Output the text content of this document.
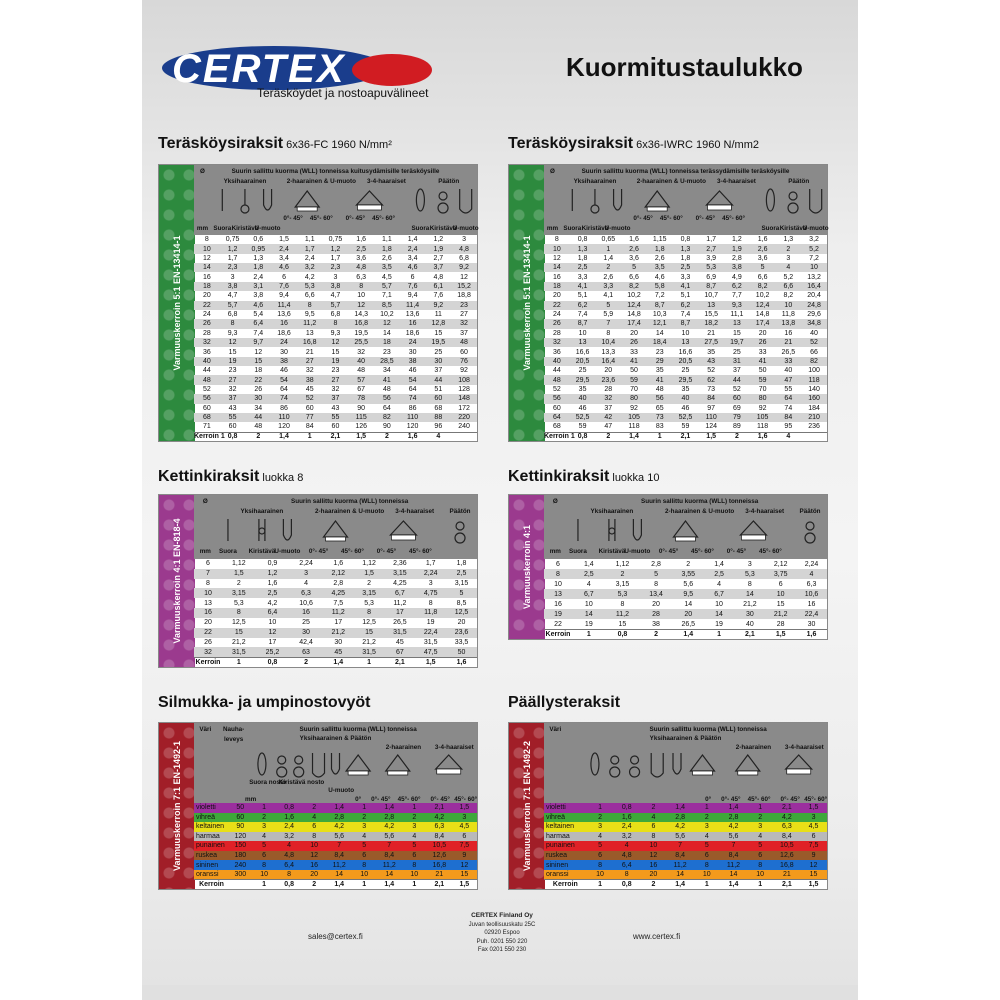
CERTEX
Teräsköydet ja nostoapuvälineet
Kuormitustaulukko
Teräsköysiraksit 6x36-FC 1960 N/mm²
Varmuuskerroin 5:1 EN-13414-1
Ø	Suurin sallittu kuorma (WLL) tonneissa kuitusydämisille teräsköysille
Yksihaarainen	2-haarainen & U-muoto 3-4-haaraiset	Päätön
0°- 45° 45°- 60° 0°- 45° 45°- 60°
mm Suora Kiristävä
U-muoto	Suora Kiristävä
U-muoto
8	0,75	0,6	1,5	1,1	0,75	1,6	1,1	1,4	1,2	3
10	1,2	0,95	2,4	1,7	1,2	2,5	1,8	2,4	1,9	4,8
12	1,7	1,3	3,4	2,4	1,7	3,6	2,6	3,4	2,7	6,8
14	2,3	1,8	4,6	3,2	2,3	4,8	3,5	4,6	3,7	9,2
16	3	2,4	6	4,2	3	6,3	4,5	6	4,8	12
18	3,8	3,1	7,6	5,3	3,8	8	5,7	7,6	6,1	15,2
20	4,7	3,8	9,4	6,6	4,7	10	7,1	9,4	7,6	18,8
22	5,7	4,6	11,4	8	5,7	12	8,5	11,4	9,2	23
24	6,8	5,4	13,6	9,5	6,8	14,3	10,2	13,6	11	27
26	8	6,4	16	11,2	8	16,8	12	16	12,8	32
28	9,3	7,4	18,6	13	9,3	19,5	14	18,6	15	37
32	12	9,7	24	16,8	12	25,5	18	24	19,5	48
36	15	12	30	21	15	32	23	30	25	60
40	19	15	38	27	19	40	28,5	38	30	76
44	23	18	46	32	23	48	34	46	37	92
48	27	22	54	38	27	57	41	54	44	108
52	32	26	64	45	32	67	48	64	51	128
56	37	30	74	52	37	78	56	74	60	148
60	43	34	86	60	43	90	64	86	68	172
68	55	44	110	77	55	115	82	110	88	220
71	60	48	120	84	60	126	90	120	96	240
Kerroin 1 0,8	2	1,4	1	2,1	1,5	2	1,6	4
Teräsköysiraksit 6x36-IWRC 1960 N/mm2
Varmuuskerroin 5:1 EN-13414-1
Ø	Suurin sallittu kuorma (WLL) tonneissa terässydämisille teräsköysille
Yksihaarainen	2-haarainen & U-muoto 3-4-haaraiset	Päätön
0°- 45° 45°- 60° 0°- 45° 45°- 60°
mm Suora Kiristävä
U-muoto	Suora Kiristävä
U-muoto
8	0,8	0,65	1,6	1,15	0,8	1,7	1,2	1,6	1,3	3,2
10	1,3	1	2,6	1,8	1,3	2,7	1,9	2,6	2	5,2
12	1,8	1,4	3,6	2,6	1,8	3,9	2,8	3,6	3	7,2
14	2,5	2	5	3,5	2,5	5,3	3,8	5	4	10
16	3,3	2,6	6,6	4,6	3,3	6,9	4,9	6,6	5,2	13,2
18	4,1	3,3	8,2	5,8	4,1	8,7	6,2	8,2	6,6	16,4
20	5,1	4,1	10,2	7,2	5,1	10,7	7,7	10,2	8,2	20,4
22	6,2	5	12,4	8,7	6,2	13	9,3	12,4	10	24,8
24	7,4	5,9	14,8	10,3	7,4	15,5	11,1	14,8	11,8	29,6
26	8,7	7	17,4	12,1	8,7	18,2	13	17,4	13,8	34,8
28	10	8	20	14	10	21	15	20	16	40
32	13	10,4	26	18,4	13	27,5	19,7	26	21	52
36	16,6	13,3	33	23	16,6	35	25	33	26,5	66
40	20,5	16,4	41	29	20,5	43	31	41	33	82
44	25	20	50	35	25	52	37	50	40	100
48	29,5	23,6	59	41	29,5	62	44	59	47	118
52	35	28	70	48	35	73	52	70	55	140
56	40	32	80	56	40	84	60	80	64	160
60	46	37	92	65	46	97	69	92	74	184
64	52,5	42	105	73	52,5	110	79	105	84	210
68	59	47	118	83	59	124	89	118	95	236
Kerroin 1 0,8	2	1,4	1	2,1	1,5	2	1,6	4
Kettinkiraksit luokka 8
Varmuuskerroin 4:1 EN-818-4
Ø	Suurin sallittu kuorma (WLL) tonneissa
Yksihaarainen	2-haarainen & U-muoto 3-4-haaraiset Päätön
mm Suora Kiristävä U-muoto 0°- 45° 45°- 60° 0°- 45° 45°- 60°
6	1,12	0,9	2,24	1,6	1,12	2,36	1,7	1,8
7	1,5	1,2	3	2,12	1,5	3,15	2,24	2,5
8	2	1,6	4	2,8	2	4,25	3	3,15
10	3,15	2,5	6,3	4,25	3,15	6,7	4,75	5
13	5,3	4,2	10,6	7,5	5,3	11,2	8	8,5
16	8	6,4	16	11,2	8	17	11,8	12,5
20	12,5	10	25	17	12,5	26,5	19	20
22	15	12	30	21,2	15	31,5	22,4	23,6
26	21,2	17	42,4	30	21,2	45	31,5	33,5
32	31,5	25,2	63	45	31,5	67	47,5	50
Kerroin	1	0,8	2	1,4	1	2,1	1,5	1,6
Kettinkiraksit luokka 10
Varmuuskerroin 4:1
Ø	Suurin sallittu kuorma (WLL) tonneissa
Yksihaarainen	2-haarainen & U-muoto 3-4-haaraiset Päätön
mm Suora Kiristävä U-muoto 0°- 45° 45°- 60° 0°- 45° 45°- 60°
6	1,4	1,12	2,8	2	1,4	3	2,12	2,24
8	2,5	2	5	3,55	2,5	5,3	3,75	4
10	4	3,15	8	5,6	4	8	6	6,3
13	6,7	5,3	13,4	9,5	6,7	14	10	10,6
16	10	8	20	14	10	21,2	15	16
19	14	11,2	28	20	14	30	21,2	22,4
22	19	15	38	26,5	19	40	28	30
Kerroin	1	0,8	2	1,4	1	2,1	1,5	1,6
Silmukka- ja umpinostovyöt
Varmuuskerroin 7:1 EN-1492-1
Väri Nauha-
leveys
Suurin sallittu kuorma (WLL) tonneissa
Yksihaarainen & Päätön
2-haarainen 3-4-haaraiset
Suora nosto
Kiristävä nosto
U-muoto
mm	0° 0°- 45° 45°- 60° 0°- 45° 45°- 60°
violetti	50	1	0,8	2	1,4	1	1,4	1	2,1	1,5
vihreä	60	2	1,6	4	2,8	2	2,8	2	4,2	3
keltainen	90	3	2,4	6	4,2	3	4,2	3	6,3	4,5
harmaa	120	4	3,2	8	5,6	4	5,6	4	8,4	6
punainen	150	5	4	10	7	5	7	5	10,5	7,5
ruskea	180	6	4,8	12	8,4	6	8,4	6	12,6	9
sininen	240	8	6,4	16	11,2	8	11,2	8	16,8	12
oranssi	300	10	8	20	14	10	14	10	21	15
Kerroin	1	0,8	2	1,4	1	1,4	1	2,1	1,5
Päällysteraksit
Varmuuskerroin 7:1 EN-1492-2
Väri	Suurin sallittu kuorma (WLL) tonneissa
Yksihaarainen & Päätön
2-haarainen 3-4-haaraiset
0° 0°- 45° 45°- 60° 0°- 45° 45°- 60°
violetti	1	0,8	2	1,4	1	1,4	1	2,1	1,5
vihreä	2	1,6	4	2,8	2	2,8	2	4,2	3
keltainen	3	2,4	6	4,2	3	4,2	3	6,3	4,5
harmaa	4	3,2	8	5,6	4	5,6	4	8,4	6
punainen	5	4	10	7	5	7	5	10,5	7,5
ruskea	6	4,8	12	8,4	6	8,4	6	12,6	9
sininen	8	6,4	16	11,2	8	11,2	8	16,8	12
oranssi	10	8	20	14	10	14	10	21	15
Kerroin	1	0,8	2	1,4	1	1,4	1	2,1	1,5
sales@certex.fi	www.certex.fi
CERTEX Finland Oy
Juvan teollisuuskatu 25C
02920 Espoo
Puh. 0201 550 220
Fax 0201 550 230
